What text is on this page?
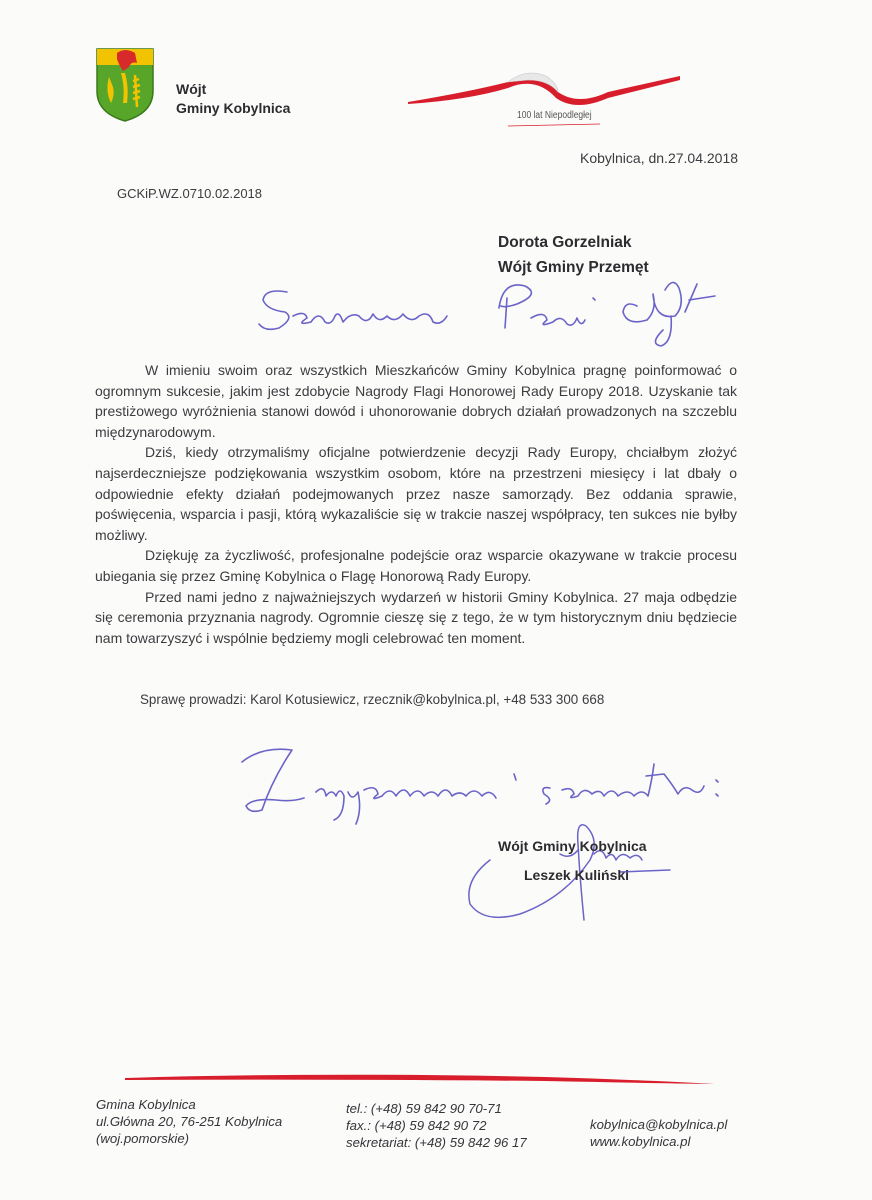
Wójt
Gminy Kobylnica	100 lat Niepodległej
Kobylnica, dn.27.04.2018
GCKiP.WZ.0710.02.2018
Dorota Gorzelniak
Wójt Gminy Przemęt

W imieniu swoim oraz wszystkich Mieszkańców Gminy Kobylnica pragnę poinformować o ogromnym sukcesie, jakim jest zdobycie Nagrody Flagi Honorowej Rady Europy 2018. Uzyskanie tak prestiżowego wyróżnienia stanowi dowód i uhonorowanie dobrych działań prowadzonych na szczeblu międzynarodowym.

Dziś, kiedy otrzymaliśmy oficjalne potwierdzenie decyzji Rady Europy, chciałbym złożyć najserdeczniejsze podziękowania wszystkim osobom, które na przestrzeni miesięcy i lat dbały o odpowiednie efekty działań podejmowanych przez nasze samorządy. Bez oddania sprawie, poświęcenia, wsparcia i pasji, którą wykazaliście się w trakcie naszej współpracy, ten sukces nie byłby możliwy.

Dziękuję za życzliwość, profesjonalne podejście oraz wsparcie okazywane w trakcie procesu ubiegania się przez Gminę Kobylnica o Flagę Honorową Rady Europy.

Przed nami jedno z najważniejszych wydarzeń w historii Gminy Kobylnica. 27 maja odbędzie się ceremonia przyznania nagrody. Ogromnie cieszę się z tego, że w tym historycznym dniu będziecie nam towarzyszyć i wspólnie będziemy mogli celebrować ten moment.

Sprawę prowadzi: Karol Kotusiewicz, rzecznik@kobylnica.pl, +48 533 300 668
Wójt Gminy Kobylnica
Leszek Kuliński
Gmina Kobylnica
ul.Główna 20, 76-251 Kobylnica
(woj.pomorskie)
tel.: (+48) 59 842 90 70-71
fax.: (+48) 59 842 90 72
sekretariat: (+48) 59 842 96 17
kobylnica@kobylnica.pl
www.kobylnica.pl
